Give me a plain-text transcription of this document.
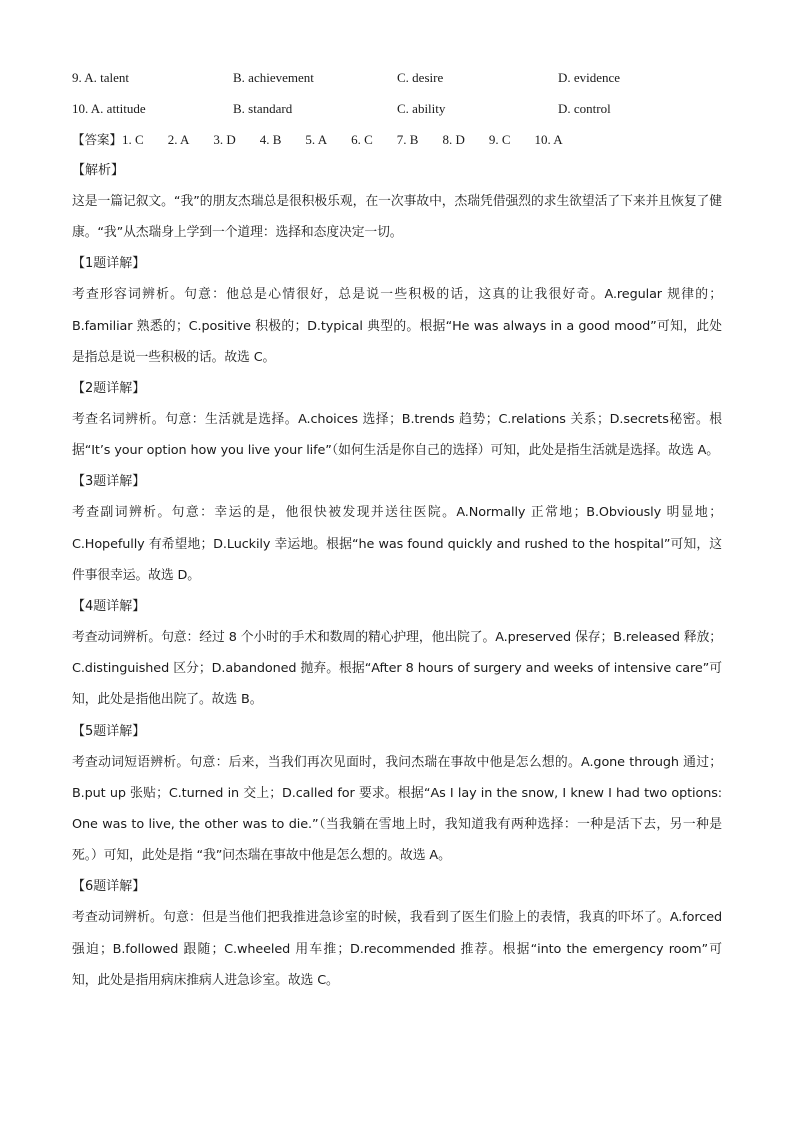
9. A. talent	B. achievement	C. desire	D. evidence
10. A. attitude	B. standard	C. ability	D. control
【答案】1. C 2. A 3. D 4. B 5. A 6. C 7. B 8. D 9. C 10. A
【解析】
这是一篇记叙文。“我”的朋友杰瑞总是很积极乐观，在一次事故中，杰瑞凭借强烈的求生欲望活了下来并且恢复了健康。“我”从杰瑞身上学到一个道理：选择和态度决定一切。
【1题详解】
考查形容词辨析。句意：他总是心情很好，总是说一些积极的话，这真的让我很好奇。A.regular 规律的；B.familiar 熟悉的；C.positive 积极的；D.typical 典型的。根据“He was always in a good mood”可知，此处是指总是说一些积极的话。故选 C。
【2题详解】
考查名词辨析。句意：生活就是选择。A.choices 选择；B.trends 趋势；C.relations 关系；D.secrets秘密。根据“It’s your option how you live your life”（如何生活是你自己的选择）可知，此处是指生活就是选择。故选 A。
【3题详解】
考查副词辨析。句意：幸运的是，他很快被发现并送往医院。A.Normally 正常地；B.Obviously 明显地；C.Hopefully 有希望地；D.Luckily 幸运地。根据“he was found quickly and rushed to the hospital”可知，这件事很幸运。故选 D。
【4题详解】
考查动词辨析。句意：经过 8 个小时的手术和数周的精心护理，他出院了。A.preserved 保存；B.released 释放；C.distinguished 区分；D.abandoned 抛弃。根据“After 8 hours of surgery and weeks of intensive care”可知，此处是指他出院了。故选 B。
【5题详解】
考查动词短语辨析。句意：后来，当我们再次见面时，我问杰瑞在事故中他是怎么想的。A.gone through 通过；B.put up 张贴；C.turned in 交上；D.called for 要求。根据“As I lay in the snow, I knew I had two options: One was to live, the other was to die.”（当我躺在雪地上时，我知道我有两种选择：一种是活下去，另一种是死。）可知，此处是指 “我”问杰瑞在事故中他是怎么想的。故选 A。
【6题详解】
考查动词辨析。句意：但是当他们把我推进急诊室的时候，我看到了医生们脸上的表情，我真的吓坏了。A.forced 强迫；B.followed 跟随；C.wheeled 用车推；D.recommended 推荐。根据“into the emergency room”可知，此处是指用病床推病人进急诊室。故选 C。
